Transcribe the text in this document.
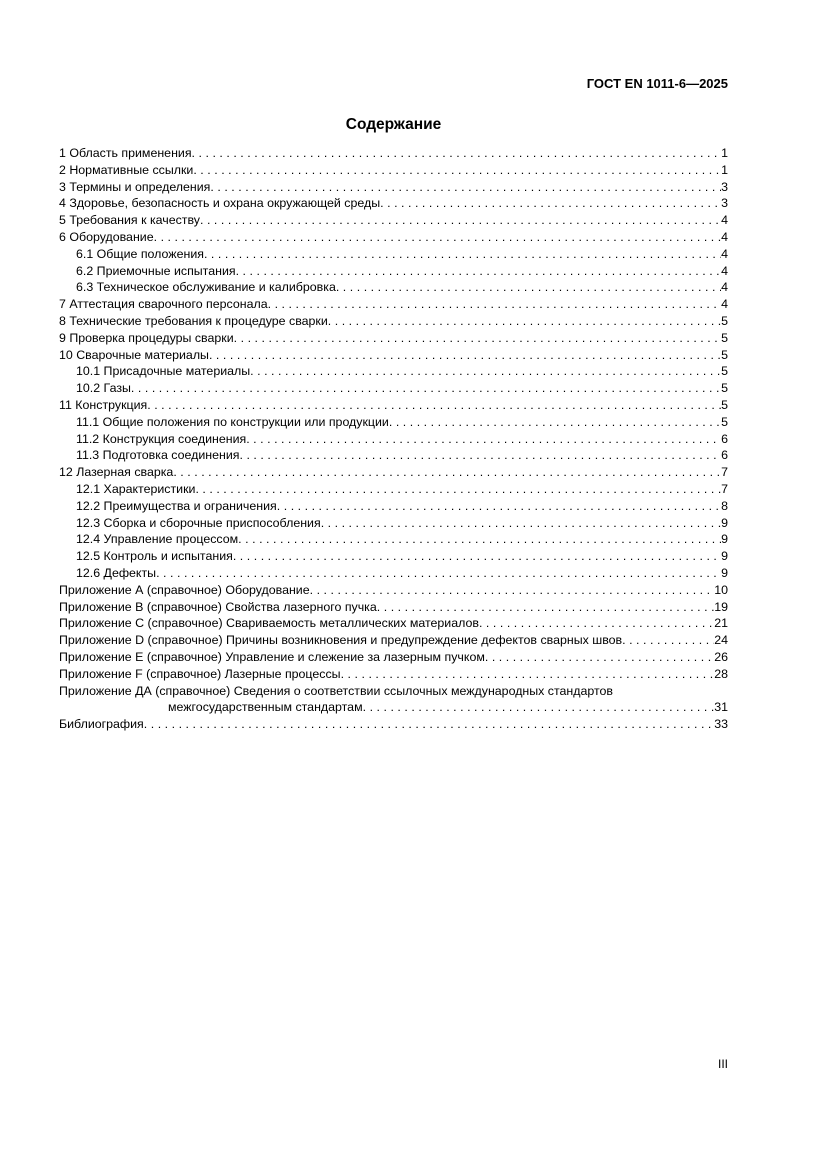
ГОСТ EN 1011-6—2025
Содержание
1 Область применения . . .	1
2 Нормативные ссылки . . .	1
3 Термины и определения . . .	3
4 Здоровье, безопасность и охрана окружающей среды . . .	3
5 Требования к качеству . . .	4
6 Оборудование . . .	4
6.1 Общие положения . . .	4
6.2 Приемочные испытания . . .	4
6.3 Техническое обслуживание и калибровка . . .	4
7 Аттестация сварочного персонала . . .	4
8 Технические требования к процедуре сварки . . .	5
9 Проверка процедуры сварки . . .	5
10 Сварочные материалы . . .	5
10.1 Присадочные материалы . . .	5
10.2 Газы . . .	5
11 Конструкция . . .	5
11.1 Общие положения по конструкции или продукции . . .	5
11.2 Конструкция соединения . . .	6
11.3 Подготовка соединения . . .	6
12 Лазерная сварка . . .	7
12.1 Характеристики . . .	7
12.2 Преимущества и ограничения . . .	8
12.3 Сборка и сборочные приспособления . . .	9
12.4 Управление процессом . . .	9
12.5 Контроль и испытания . . .	9
12.6 Дефекты . . .	9
Приложение А (справочное) Оборудование . . .	10
Приложение В (справочное) Свойства лазерного пучка . . .	19
Приложение С (справочное) Свариваемость металлических материалов . . .	21
Приложение D (справочное) Причины возникновения и предупреждение дефектов сварных швов . . .	24
Приложение Е (справочное) Управление и слежение за лазерным пучком . . .	26
Приложение F (справочное) Лазерные процессы . . .	28
Приложение ДА (справочное) Сведения о соответствии ссылочных международных стандартов
межгосударственным стандартам . . .	31
Библиография . . .	33
III
